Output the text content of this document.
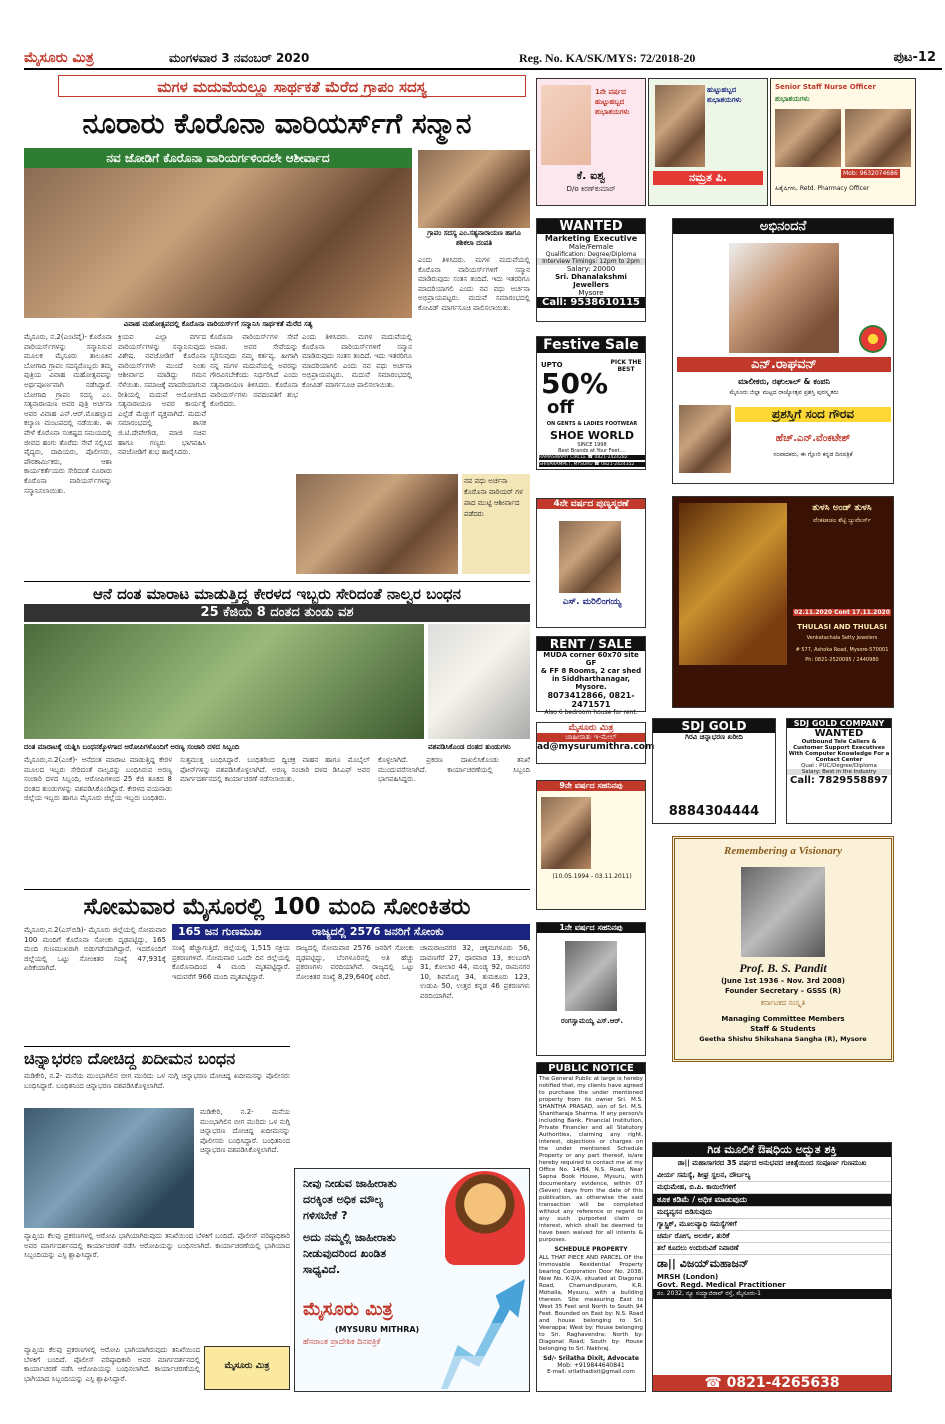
ಮೈಸೂರು ಮಿತ್ರ	ಮಂಗಳವಾರ 3 ನವಂಬರ್ 2020	Reg. No. KA/SK/MYS: 72/2018-20	ಪುಟ-12
ಮಗಳ ಮದುವೆಯಲ್ಲೂ ಸಾರ್ಥಕತೆ ಮೆರೆದ ಗ್ರಾಪಂ ಸದಸ್ಯ
ನೂರಾರು ಕೊರೊನಾ ವಾರಿಯರ್ಸ್‌ಗೆ ಸನ್ಮಾನ
ನವ ಜೋಡಿಗೆ ಕೊರೊನಾ ವಾರಿಯರ್ಗಳಿಂದಲೇ ಆಶೀರ್ವಾದ
ವಿವಾಹ ಮಹೋತ್ಸವದಲ್ಲಿ ಕೊರೊನಾ ವಾರಿಯರ್ಸ್‌ಗೆ ಸನ್ಮಾನಿಸಿ ಸಾರ್ಥಕತೆ ಮೆರೆದ ಸತ್ಯ
ಗ್ರಾಪಂ ಸದಸ್ಯ ಎಂ.ಸತ್ಯನಾರಾಯಣ ಹಾಗೂ ಶಶಿಕಲಾ ದಂಪತಿ
ಮೈಸೂರು, ನ.2(ಎಂಟಿವೈ)- ಕೊರೊನಾ ವಾರಿಯರ್ಸ್‌ಗಳನ್ನು ಸನ್ಮಾನಿಸುವ ಮೂಲಕ ಮೈಸೂರು ತಾಲೂಕಿನ ಬೋಗಾದಿ ಗ್ರಾಪಂ ಸದಸ್ಯರೊಬ್ಬರು ತಮ್ಮ ಪುತ್ರಿಯ ವಿವಾಹ ಮಹೋತ್ಸವವನ್ನು ಅರ್ಥಪೂರ್ಣವಾಗಿ ನಡೆಸಿದ್ದಾರೆ. ಬೋಗಾದಿ ಗ್ರಾಪಂ ಸದಸ್ಯ ಎಂ. ಸತ್ಯನಾರಾಯಣ ಅವರ ಪುತ್ರಿ ಅರ್ಚನಾ ಅವರ ವಿವಾಹ ಎನ್.ಆರ್.ಮೊಹಲ್ಲಾದ ಕಲ್ಯಾಣ ಮಂಟಪದಲ್ಲಿ ನಡೆಯಿತು. ಈ ವೇಳೆ ಕೊರೊನಾ ಸಂಕಷ್ಟದ ಸಮಯದಲ್ಲಿ ಜೀವದ ಹಂಗು ತೊರೆದು ಸೇವೆ ಸಲ್ಲಿಸಿದ ವೈದ್ಯರು, ದಾದಿಯರು, ಪೊಲೀಸರು, ಪೌರಕಾರ್ಮಿಕರು, ಆಶಾ ಕಾರ್ಯಕರ್ತೆಯರು ಸೇರಿದಂತೆ ನೂರಾರು ಕೊರೊನಾ ವಾರಿಯರ್ಸ್‌ಗಳನ್ನು ಸನ್ಮಾನಿಸಲಾಯಿತು.
ಕ್ರಿಯವ ಎಲ್ಲಾ ವರ್ಗದ ವಾರಿಯರ್ಸ್‌ಗಳನ್ನು ಸನ್ಮಾನಿಸುವುದು ವಿಶೇಷ. ನವಜೋಡಿಗೆ ಕೊರೊನಾ ವಾರಿಯರ್ಸ್‌ಗಳೇ ಮುಂದೆ ನಿಂತು ಆಶೀರ್ವಾದ ಮಾಡಿದ್ದು ಗಮನ ಸೆಳೆಯಿತು. ಸಮಾಜಕ್ಕೆ ಮಾದರಿಯಾಗುವ ರೀತಿಯಲ್ಲಿ ಮದುವೆ ಆಯೋಜಿಸಿದ ಸತ್ಯನಾರಾಯಣ ಅವರ ಕಾರ್ಯಕ್ಕೆ ಎಲ್ಲೆಡೆ ಮೆಚ್ಚುಗೆ ವ್ಯಕ್ತವಾಗಿದೆ. ಮದುವೆ ಸಮಾರಂಭದಲ್ಲಿ ಶಾಸಕ ಜಿ.ಟಿ.ದೇವೇಗೌಡ, ಮಾಜಿ ಸಚಿವ ಹಾಗೂ ಗಣ್ಯರು ಭಾಗವಹಿಸಿ ನವಜೋಡಿಗೆ ಶುಭ ಹಾರೈಸಿದರು.
ಕೊರೊನಾ ವಾರಿಯರ್ಸ್‌ಗಳ ಸೇವೆ ಅಪಾರ. ಅವರ ಸೇವೆಯನ್ನು ಸ್ಮರಿಸುವುದು ನಮ್ಮ ಕರ್ತವ್ಯ. ಹೀಗಾಗಿ ನನ್ನ ಮಗಳ ಮದುವೆಯಲ್ಲಿ ಅವರನ್ನು ಗೌರವಿಸಬೇಕೆಂದು ನಿರ್ಧರಿಸಿದೆ ಎಂದು ಸತ್ಯನಾರಾಯಣ ತಿಳಿಸಿದರು. ಕೊರೊನಾ ವಾರಿಯರ್ಸ್‌ಗಳು ನವದಂಪತಿಗೆ ಶುಭ ಕೋರಿದರು.
ಎಂದು ತಿಳಿಸಿದರು. ಮಗಳ ಮದುವೆಯಲ್ಲಿ ಕೊರೊನಾ ವಾರಿಯರ್ಸ್‌ಗಳಿಗೆ ಸನ್ಮಾನ ಮಾಡಿರುವುದು ಸಂತಸ ತಂದಿದೆ. ಇದು ಇತರರಿಗೂ ಮಾದರಿಯಾಗಲಿ ಎಂದು ನವ ವಧು ಅರ್ಚನಾ ಅಭಿಪ್ರಾಯಪಟ್ಟರು. ಮದುವೆ ಸಮಾರಂಭದಲ್ಲಿ ಕೋವಿಡ್ ಮಾರ್ಗಸೂಚಿ ಪಾಲಿಸಲಾಯಿತು.
ಎಂದು ತಿಳಿಸಿದರು. ಮಗಳ ಮದುವೆಯಲ್ಲಿ ಕೊರೊನಾ ವಾರಿಯರ್ಸ್‌ಗಳಿಗೆ ಸನ್ಮಾನ ಮಾಡಿರುವುದು ಸಂತಸ ತಂದಿದೆ. ಇದು ಇತರರಿಗೂ ಮಾದರಿಯಾಗಲಿ ಎಂದು ನವ ವಧು ಅರ್ಚನಾ ಅಭಿಪ್ರಾಯಪಟ್ಟರು. ಮದುವೆ ಸಮಾರಂಭದಲ್ಲಿ ಕೋವಿಡ್ ಮಾರ್ಗಸೂಚಿ ಪಾಲಿಸಲಾಯಿತು.
ನವ ವಧು ಅರ್ಚನಾ ಕೊರೊನಾ ವಾರಿಯರ್ ಗಳ ಪಾದ ಮುಟ್ಟಿ ಆಶೀರ್ವಾದ ಪಡೆದರು
ಆನೆ ದಂತ ಮಾರಾಟ ಮಾಡುತ್ತಿದ್ದ ಕೇರಳದ ಇಬ್ಬರು ಸೇರಿದಂತೆ ನಾಲ್ವರ ಬಂಧನ
25 ಕೆಜಿಯ 8 ದಂತದ ತುಂಡು ವಶ
ದಂತ ಮಾರಾಟಕ್ಕೆ ಯತ್ನಿಸಿ ಬಂಧನಕ್ಕೊಳಗಾದ ಆರೋಪಿಗಳೊಂದಿಗೆ ಅರಣ್ಯ ಸಂಚಾರಿ ದಳದ ಸಿಬ್ಬಂದಿ	ವಶಪಡಿಸಿಕೊಂಡ ದಂತದ ತುಂಡುಗಳು
ಮೈಸೂರು,ನ.2(ಎಂಕೆ)- ಆನೆದಂತ ಮಾರಾಟ ಮಾಡುತ್ತಿದ್ದ ಕೇರಳ ಮೂಲದ ಇಬ್ಬರು ಸೇರಿದಂತೆ ನಾಲ್ವರನ್ನು ಬಂಧಿಸಿರುವ ಅರಣ್ಯ ಸಂಚಾರಿ ದಳದ ಸಿಬ್ಬಂದಿ, ಆರೋಪಿಗಳಿಂದ 25 ಕೆಜಿ ತೂಕದ 8 ದಂತದ ತುಂಡುಗಳನ್ನು ವಶಪಡಿಸಿಕೊಂಡಿದ್ದಾರೆ. ಕೇರಳದ ವಯನಾಡು ಜಿಲ್ಲೆಯ ಇಬ್ಬರು ಹಾಗೂ ಮೈಸೂರು ಜಿಲ್ಲೆಯ ಇಬ್ಬರು ಬಂಧಿತರು.
ಸುತ್ತಮುತ್ತ ಬಂಧಿಸಿದ್ದಾರೆ. ಬಂಧಿತರಿಂದ ದ್ವಿಚಕ್ರ ವಾಹನ ಹಾಗೂ ಮೊಬೈಲ್ ಫೋನ್‌ಗಳನ್ನು ವಶಪಡಿಸಿಕೊಳ್ಳಲಾಗಿದೆ. ಅರಣ್ಯ ಸಂಚಾರಿ ದಳದ ಡಿಸಿಎಫ್ ಅವರ ಮಾರ್ಗದರ್ಶನದಲ್ಲಿ ಕಾರ್ಯಾಚರಣೆ ನಡೆಸಲಾಯಿತು.
ಕೊಳ್ಳಲಾಗಿದೆ. ಪ್ರಕರಣ ದಾಖಲಿಸಿಕೊಂಡು ತನಿಖೆ ಮುಂದುವರೆಸಲಾಗಿದೆ. ಕಾರ್ಯಾಚರಣೆಯಲ್ಲಿ ಸಿಬ್ಬಂದಿ ಭಾಗವಹಿಸಿದ್ದರು.
ಸೋಮವಾರ ಮೈಸೂರಲ್ಲಿ 100 ಮಂದಿ ಸೋಂಕಿತರು
165 ಜನ ಗುಣಮುಖ	ರಾಜ್ಯದಲ್ಲಿ 2576 ಜನರಿಗೆ ಸೋಂಕು
ಮೈಸೂರು,ನ.2(ಎಸ್‌ಬಿಡಿ)- ಮೈಸೂರು ಜಿಲ್ಲೆಯಲ್ಲಿ ಸೋಮವಾರ 100 ಮಂದಿಗೆ ಕೊರೊನಾ ಸೋಂಕು ದೃಢಪಟ್ಟಿದ್ದು, 165 ಮಂದಿ ಗುಣಮುಖರಾಗಿ ಬಿಡುಗಡೆಯಾಗಿದ್ದಾರೆ. ಇದರೊಂದಿಗೆ ಜಿಲ್ಲೆಯಲ್ಲಿ ಒಟ್ಟು ಸೋಂಕಿತರ ಸಂಖ್ಯೆ 47,931ಕ್ಕೆ ಏರಿಕೆಯಾಗಿದೆ.
ಸಂಖ್ಯೆ ಹೆಚ್ಚಾಗುತ್ತಿದೆ. ಜಿಲ್ಲೆಯಲ್ಲಿ 1,515 ಸಕ್ರಿಯ ಪ್ರಕರಣಗಳಿವೆ. ಸೋಮವಾರ ಒಂದೇ ದಿನ ಜಿಲ್ಲೆಯಲ್ಲಿ ಕೊರೊನಾದಿಂದ 4 ಮಂದಿ ಮೃತಪಟ್ಟಿದ್ದಾರೆ. ಇದುವರೆಗೆ 966 ಮಂದಿ ಮೃತಪಟ್ಟಿದ್ದಾರೆ.
ರಾಜ್ಯದಲ್ಲಿ ಸೋಮವಾರ 2576 ಜನರಿಗೆ ಸೋಂಕು ದೃಢಪಟ್ಟಿದ್ದು, ಬೆಂಗಳೂರಿನಲ್ಲಿ ಅತಿ ಹೆಚ್ಚು ಪ್ರಕರಣಗಳು ವರದಿಯಾಗಿವೆ. ರಾಜ್ಯದಲ್ಲಿ ಒಟ್ಟು ಸೋಂಕಿತರ ಸಂಖ್ಯೆ 8,29,640ಕ್ಕೆ ಏರಿದೆ.
ಚಾಮರಾಜನಗರ 32, ಚಿಕ್ಕಮಗಳೂರು 56, ದಾವಣಗೆರೆ 27, ಧಾರವಾಡ 13, ಕಲಬುರಗಿ 31, ಕೋಲಾರ 44, ಮಂಡ್ಯ 92, ರಾಮನಗರ 10, ಶಿವಮೊಗ್ಗ 34, ತುಮಕೂರು 123, ಉಡುಪಿ 50, ಉತ್ತರ ಕನ್ನಡ 46 ಪ್ರಕರಣಗಳು ವರದಿಯಾಗಿವೆ.
ಚಿನ್ನಾಭರಣ ದೋಚಿದ್ದ ಖದೀಮನ ಬಂಧನ
ಮಡಿಕೇರಿ, ನ.2- ಮನೆಯ ಮುಂಭಾಗಿಲಿನ ಬೀಗ ಮುರಿದು ಒಳ ನುಗ್ಗಿ ಚಿನ್ನಾಭರಣ ದೋಚಿದ್ದ ಖದೀಮನನ್ನು ಪೊಲೀಸರು ಬಂಧಿಸಿದ್ದಾರೆ. ಬಂಧಿತನಿಂದ ಚಿನ್ನಾಭರಣ ವಶಪಡಿಸಿಕೊಳ್ಳಲಾಗಿದೆ.
ಮಡಿಕೇರಿ, ನ.2- ಮನೆಯ ಮುಂಭಾಗಿಲಿನ ಬೀಗ ಮುರಿದು ಒಳ ನುಗ್ಗಿ ಚಿನ್ನಾಭರಣ ದೋಚಿದ್ದ ಖದೀಮನನ್ನು ಪೊಲೀಸರು ಬಂಧಿಸಿದ್ದಾರೆ. ಬಂಧಿತನಿಂದ ಚಿನ್ನಾಭರಣ ವಶಪಡಿಸಿಕೊಳ್ಳಲಾಗಿದೆ.
ವ್ಯಾಪ್ತಿಯ ಕೆಲವು ಪ್ರಕರಣಗಳಲ್ಲಿ ಆರೋಪಿ ಭಾಗಿಯಾಗಿರುವುದು ತನಿಖೆಯಿಂದ ಬೆಳಕಿಗೆ ಬಂದಿದೆ. ಪೊಲೀಸ್ ವರಿಷ್ಠಾಧಿಕಾರಿ ಅವರ ಮಾರ್ಗದರ್ಶನದಲ್ಲಿ ಕಾರ್ಯಾಚರಣೆ ನಡೆಸಿ ಆರೋಪಿಯನ್ನು ಬಂಧಿಸಲಾಗಿದೆ. ಕಾರ್ಯಾಚರಣೆಯಲ್ಲಿ ಭಾಗಿಯಾದ ಸಿಬ್ಬಂದಿಯನ್ನು ಎಸ್ಪಿ ಶ್ಲಾಘಿಸಿದ್ದಾರೆ.
ಮೈಸೂರು ಮಿತ್ರ
ವ್ಯಾಪ್ತಿಯ ಕೆಲವು ಪ್ರಕರಣಗಳಲ್ಲಿ ಆರೋಪಿ ಭಾಗಿಯಾಗಿರುವುದು ತನಿಖೆಯಿಂದ ಬೆಳಕಿಗೆ ಬಂದಿದೆ. ಪೊಲೀಸ್ ವರಿಷ್ಠಾಧಿಕಾರಿ ಅವರ ಮಾರ್ಗದರ್ಶನದಲ್ಲಿ ಕಾರ್ಯಾಚರಣೆ ನಡೆಸಿ ಆರೋಪಿಯನ್ನು ಬಂಧಿಸಲಾಗಿದೆ. ಕಾರ್ಯಾಚರಣೆಯಲ್ಲಿ ಭಾಗಿಯಾದ ಸಿಬ್ಬಂದಿಯನ್ನು ಎಸ್ಪಿ ಶ್ಲಾಘಿಸಿದ್ದಾರೆ.
ನೀವು ನೀಡುವ ಜಾಹೀರಾತು
ದರಕ್ಕಿಂತ ಅಧಿಕ ಮೌಲ್ಯ
ಗಳಿಸಬೇಕೆ ?
ಅದು ನಮ್ಮಲ್ಲಿ ಜಾಹೀರಾತು
ನೀಡುವುದರಿಂದ ಖಂಡಿತ
ಸಾಧ್ಯವಿದೆ.
ಮೈಸೂರು ಮಿತ್ರ
(MYSURU MITHRA)
ಹೆಸರಾಂತ ಪ್ರಾದೇಶಿಕ ದಿನಪತ್ರಿಕೆ
1ನೇ ವರ್ಷದ ಹುಟ್ಟುಹಬ್ಬದ ಶುಭಾಶಯಗಳು
ಕೆ. ಐಶ್ವ
D/o ಕಿರಣ್‌ಕುಮಾರ್
ಹುಟ್ಟುಹಬ್ಬದ ಶುಭಾಶಯಗಳು
ನಮ್ರತ ಪಿ.
Senior Staff Nurse Officer
ಶುಭಾಶಯಗಳು
Mob: 9632074686
ಹಿತೈಷಿಗಳು, Retd. Pharmacy Officer
WANTED
Marketing Executive
Male/Female
Qualification: Degree/Diploma
Interview Timings: 12pm to 2pm
Salary: 20000
Sri. Dhanalakshmi Jewellers
Mysore
Call: 9538610115
Festive Sale
UPTO
50%
off
PICK THE BEST
ON GENTS & LADIES FOOTWEAR
SHOE WORLD
SINCE 1998
Best Brands at Your Feet....
RAMASWAMY CIRCLE ☎ 0821-2424282
SHIVARAMPET, MYSURU ☎ 0821-2424352
4ನೇ ವರ್ಷದ ಪುಣ್ಯಸ್ಮರಣೆ
ಎಸ್. ಮರಿಲಿಂಗಯ್ಯ
RENT / SALE
MUDA corner 60x70 site GF
& FF 8 Rooms, 2 car shed
in Siddharthanagar, Mysore.
8073412866, 0821-2471571
Also 6 bedroom house for rent.
ಮೈಸೂರು ಮಿತ್ರ
ಜಾಹೀರಾತು ಇ-ಮೇಲ್
ad@mysurumithra.com
9ನೇ ವರ್ಷದ ಸಹನಿನಪು
(10.05.1994 - 03.11.2011)
1ನೇ ವರ್ಷದ ಸಹನಿನಪು
ರಂಗಸ್ವಾಮಯ್ಯ ಎಸ್.ಆರ್.
PUBLIC NOTICE
The General Public at large is hereby notified that, my clients have agreed to purchase the under mentioned property from its owner Sri. M.S. SHANTHA PRASAD, son of Sri. M.S. Shantharaja Sharma. If any person/s including Bank, Financial Institution, Private Financier and all Statutory Authorities, claiming any right, interest, objections or charges on the under mentioned Schedule Property or any part thereof, is/are hereby required to contact me at my Office No. 14/B4, N.S. Road, Near Sapna Book House, Mysuru, with documentary evidence, within 07 (Seven) days from the date of this publication, as otherwise the said transaction will be completed without any reference or regard to any such purported claim or interest, which shall be deemed to have been waived for all intents & purposes.
SCHEDULE PROPERTY
ALL THAT PIECE AND PARCEL OF the Immovable Residential Property bearing Corporation Door No. 2038, New No. K-2/A, situated at Diagonal Road, Chamundipuram, K.R. Mohalla, Mysuru, with a building thereon. Site measuring East to West 35 Feet and North to South 94 Feet. Bounded on East by: N.S. Road and house belonging to Sri. Veerappa; West by: House belonging to Sri. Raghavendra; North by: Diagonal Road; South by: House belonging to Sri. Nakhraj.
Sd/- Srilatha Dixit, Advocate
Mob: +919844640841
E-mail: srilathadixit@gmail.com
ಅಭಿನಂದನೆ
ಎನ್.ರಾಘವನ್
ಮಾಲೀಕರು, ರಘುಲಾಲ್ & ಕಂಪನಿ
ಮೈಸೂರು ಜಿಲ್ಲಾ ಮಟ್ಟದ ರಾಜ್ಯೋತ್ಸವ ಪ್ರಶಸ್ತಿ ಪುರಸ್ಕೃತರು
ಪ್ರಶಸ್ತಿಗೆ ಸಂದ ಗೌರವ
ಹೆಚ್.ಎನ್.ವೆಂಕಟೇಶ್
ಸಂಪಾದಕರು, ಈ ಗ್ಲೋರಿ ಕನ್ನಡ ದಿನಪತ್ರಿಕೆ
ತುಳಸಿ ಅಂಡ್ ತುಳಸಿ
ವೆಂಕಟಾಚಲ ಶೆಟ್ಟಿ ಜ್ಯುವೆಲರ್ಸ್
02.11.2020 Cont 17.11.2020
THULASI AND THULASI
Venkatachala Setty Jewelers
# 577, Ashoka Road, Mysore-570001
Ph: 0821-2520095 / 2440980
SDJ GOLD
ಗಿರವಿ ಚಿನ್ನಾಭರಣ ಖರೀದಿ
8884304444
SDJ GOLD COMPANY
WANTED
Outbound Tele Callers &
Customer Support Executives
With Computer Knowledge For a
Contact Center
Qual : PUC/Degree/Diploma
Salary: Best in the Industry
Call: 7829558897
Remembering a Visionary
Prof. B. S. Pandit
(June 1st 1936 – Nov. 3rd 2008)
Founder Secretary – GSSS (R)
ಕರ್ನಾಟಕದ ಸಂಸ್ಕೃತಿ
Managing Committee Members
Staff & Students
Geetha Shishu Shikshana Sangha (R), Mysore
ಗಿಡ ಮೂಲಿಕೆ ಔಷಧಿಯ ಅದ್ಭುತ ಶಕ್ತಿ
ಡಾ|| ಮಹಾಸಾಗರದ 35 ವರ್ಷದ ಅನುಭವದ ಚಿಕಿತ್ಸೆಯಿಂದ ಸಂಪೂರ್ಣ ಗುಣಮುಖ
ವೀರ್ಯ ಸಮಸ್ಯೆ, ಶೀಘ್ರ ಸ್ಖಲನ, ದೌರ್ಬಲ್ಯ
ಮಧುಮೇಹ, ಬಿ.ಪಿ. ಕಾಯಿಲೆಗಳಿಗೆ
ತೂಕ ಕಡಿಮೆ / ಅಧಿಕ ಮಾಡುವುದು
ಮದ್ಯವ್ಯಸನ ಬಿಡಿಸುವುದು
ಗ್ಯಾಸ್ಟ್ರಿಕ್, ಮೂಲವ್ಯಾಧಿ ಸಮಸ್ಯೆಗಳಿಗೆ
ಚರ್ಮ ರೋಗ, ಅಲರ್ಜಿ, ತುರಿಕೆ
ತಲೆ ಕೂದಲು ಉದುರುವಿಕೆ ನಿವಾರಣೆ
ಡಾ|| ವಿಜಯ್‌ಮಹಾಜನ್
MRSH (London)
Govt. Regd. Medical Practitioner
ನಂ. 2032, ನ್ಯೂ ಸಯ್ಯಾಜಿರಾವ್ ರಸ್ತೆ, ಮೈಸೂರು-1
☎ 0821-4265638
